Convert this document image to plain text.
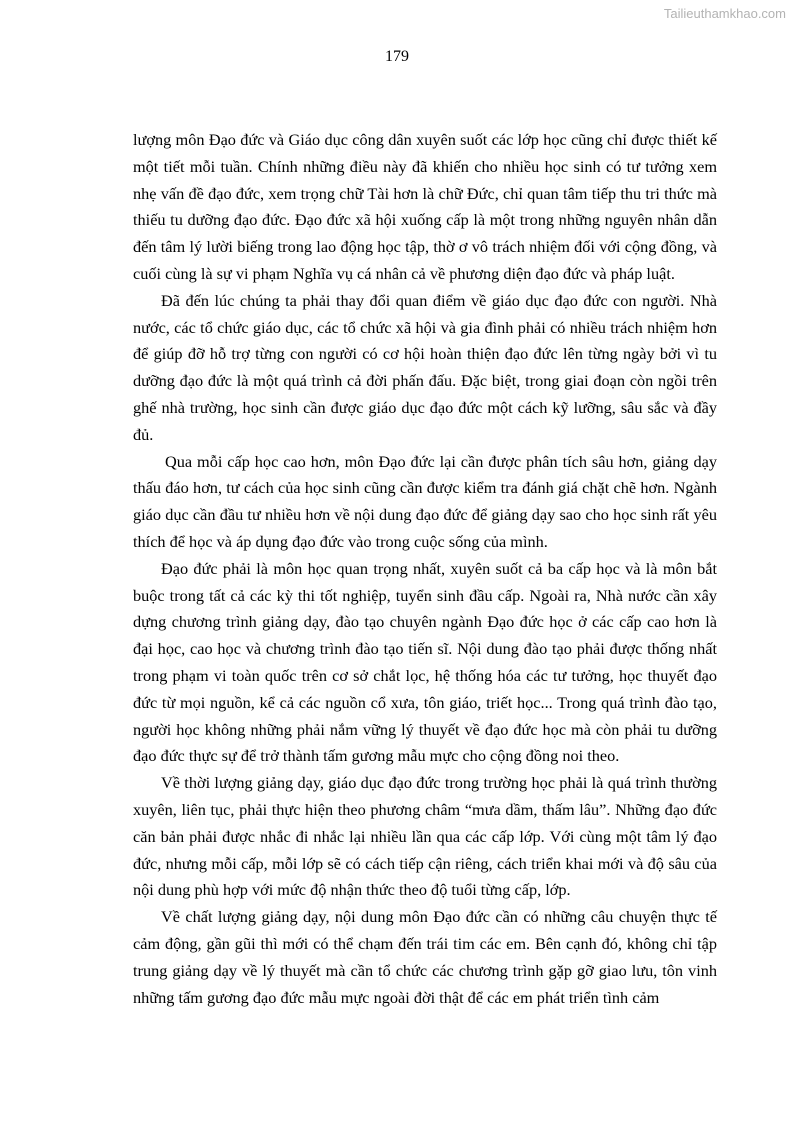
Tailieuthamkhao.com
179

lượng môn Đạo đức và Giáo dục công dân xuyên suốt các lớp học cũng chỉ được thiết kế một tiết mỗi tuần. Chính những điều này đã khiến cho nhiều học sinh có tư tưởng xem nhẹ vấn đề đạo đức, xem trọng chữ Tài hơn là chữ Đức, chỉ quan tâm tiếp thu tri thức mà thiếu tu dưỡng đạo đức. Đạo đức xã hội xuống cấp là một trong những nguyên nhân dẫn đến tâm lý lười biếng trong lao động học tập, thờ ơ vô trách nhiệm đối với cộng đồng, và cuối cùng là sự vi phạm Nghĩa vụ cá nhân cả về phương diện đạo đức và pháp luật.

Đã đến lúc chúng ta phải thay đổi quan điểm về giáo dục đạo đức con người. Nhà nước, các tổ chức giáo dục, các tổ chức xã hội và gia đình phải có nhiều trách nhiệm hơn để giúp đỡ hỗ trợ từng con người có cơ hội hoàn thiện đạo đức lên từng ngày bởi vì tu dưỡng đạo đức là một quá trình cả đời phấn đấu. Đặc biệt, trong giai đoạn còn ngồi trên ghế nhà trường, học sinh cần được giáo dục đạo đức một cách kỹ lưỡng, sâu sắc và đầy đủ.

Qua mỗi cấp học cao hơn, môn Đạo đức lại cần được phân tích sâu hơn, giảng dạy thấu đáo hơn, tư cách của học sinh cũng cần được kiểm tra đánh giá chặt chẽ hơn. Ngành giáo dục cần đầu tư nhiều hơn về nội dung đạo đức để giảng dạy sao cho học sinh rất yêu thích để học và áp dụng đạo đức vào trong cuộc sống của mình.

Đạo đức phải là môn học quan trọng nhất, xuyên suốt cả ba cấp học và là môn bắt buộc trong tất cả các kỳ thi tốt nghiệp, tuyển sinh đầu cấp. Ngoài ra, Nhà nước cần xây dựng chương trình giảng dạy, đào tạo chuyên ngành Đạo đức học ở các cấp cao hơn là đại học, cao học và chương trình đào tạo tiến sĩ. Nội dung đào tạo phải được thống nhất trong phạm vi toàn quốc trên cơ sở chắt lọc, hệ thống hóa các tư tưởng, học thuyết đạo đức từ mọi nguồn, kể cả các nguồn cổ xưa, tôn giáo, triết học... Trong quá trình đào tạo, người học không những phải nắm vững lý thuyết về đạo đức học mà còn phải tu dưỡng đạo đức thực sự để trở thành tấm gương mẫu mực cho cộng đồng noi theo.

Về thời lượng giảng dạy, giáo dục đạo đức trong trường học phải là quá trình thường xuyên, liên tục, phải thực hiện theo phương châm “mưa dầm, thấm lâu”. Những đạo đức căn bản phải được nhắc đi nhắc lại nhiều lần qua các cấp lớp. Với cùng một tâm lý đạo đức, nhưng mỗi cấp, mỗi lớp sẽ có cách tiếp cận riêng, cách triển khai mới và độ sâu của nội dung phù hợp với mức độ nhận thức theo độ tuổi từng cấp, lớp.

Về chất lượng giảng dạy, nội dung môn Đạo đức cần có những câu chuyện thực tế cảm động, gần gũi thì mới có thể chạm đến trái tim các em. Bên cạnh đó, không chỉ tập trung giảng dạy về lý thuyết mà cần tổ chức các chương trình gặp gỡ giao lưu, tôn vinh những tấm gương đạo đức mẫu mực ngoài đời thật để các em phát triển tình cảm
